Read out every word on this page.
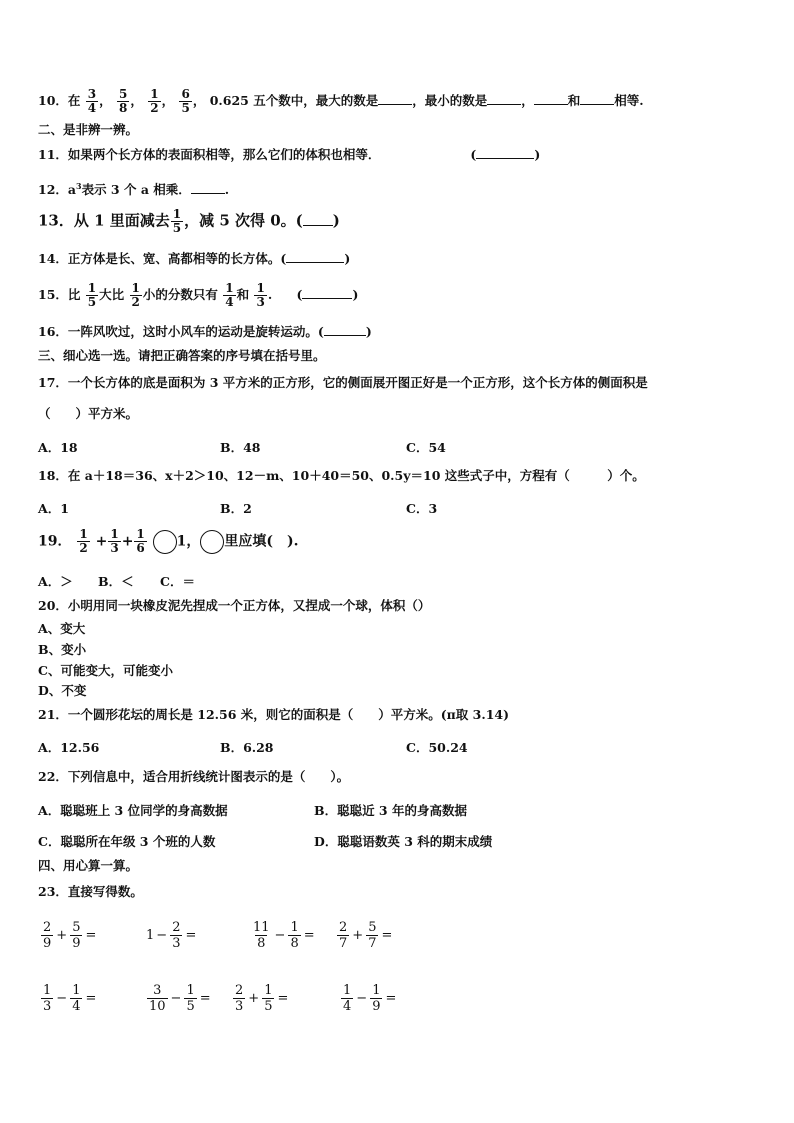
10．在 $\frac{3}{4}$ ， $\frac{5}{8}$ ， $\frac{1}{2}$ ， $\frac{6}{5}$ ， 0.625 五个数中，最大的数是	，最小的数是	，	和	相等.
二、是非辨一辨。
11．如果两个长方体的表面积相等，那么它们的体积也相等．	(	)
12．$a^3$表示 3 个 a 相乘．	.
13．从 1 里面减去 $\frac{1}{5}$ ，减 5 次得 0。( )
14．正方体是长、宽、高都相等的长方体。(	)
15．比 $\frac{1}{5}$ 大比 $\frac{1}{2}$ 小的分数只有 $\frac{1}{4}$ 和 $\frac{1}{3}$ . (	)
16．一阵风吹过，这时小风车的运动是旋转运动。(	)
三、细心选一选。请把正确答案的序号填在括号里。
17．一个长方体的底是面积为 3 平方米的正方形，它的侧面展开图正好是一个正方形，这个长方体的侧面积是
（　　）平方米。
A．18	B．48	C．54
18．在 a＋18＝36、x＋2＞10、12－m、10＋40＝50、0.5y＝10 这些式子中，方程有（　　　）个。
A．1	B．2	C．3
19． $\frac{1}{2} + \frac{1}{3} + \frac{1}{6} 1$， 里应填(　).
A．＞ B．＜ C．＝
20．小明用同一块橡皮泥先捏成一个正方体，又捏成一个球，体积（）
A、变大
B、变小
C、可能变大，可能变小
D、不变
21．一个圆形花坛的周长是 12.56 米，则它的面积是（　　）平方米。(π取 3.14)
A．12.56	B．6.28	C．50.24
22．下列信息中，适合用折线统计图表示的是（　　）。
A．聪聪班上 3 位同学的身高数据	B．聪聪近 3 年的身高数据
C．聪聪所在年级 3 个班的人数	D．聪聪语数英 3 科的期末成绩
四、用心算一算。
23．直接写得数。
$\frac{2}{9} + \frac{5}{9}$ =	$1 - \frac{2}{3}$ =	$\frac{11}{8} - \frac{1}{8} = \frac{2}{7} + \frac{5}{7}$ =
$\frac{1}{3} - \frac{1}{4}$ =	$\frac{3}{10} - \frac{1}{5} = \frac{2}{3} + \frac{1}{5}$ =	$\frac{1}{4} - \frac{1}{9}$ =
